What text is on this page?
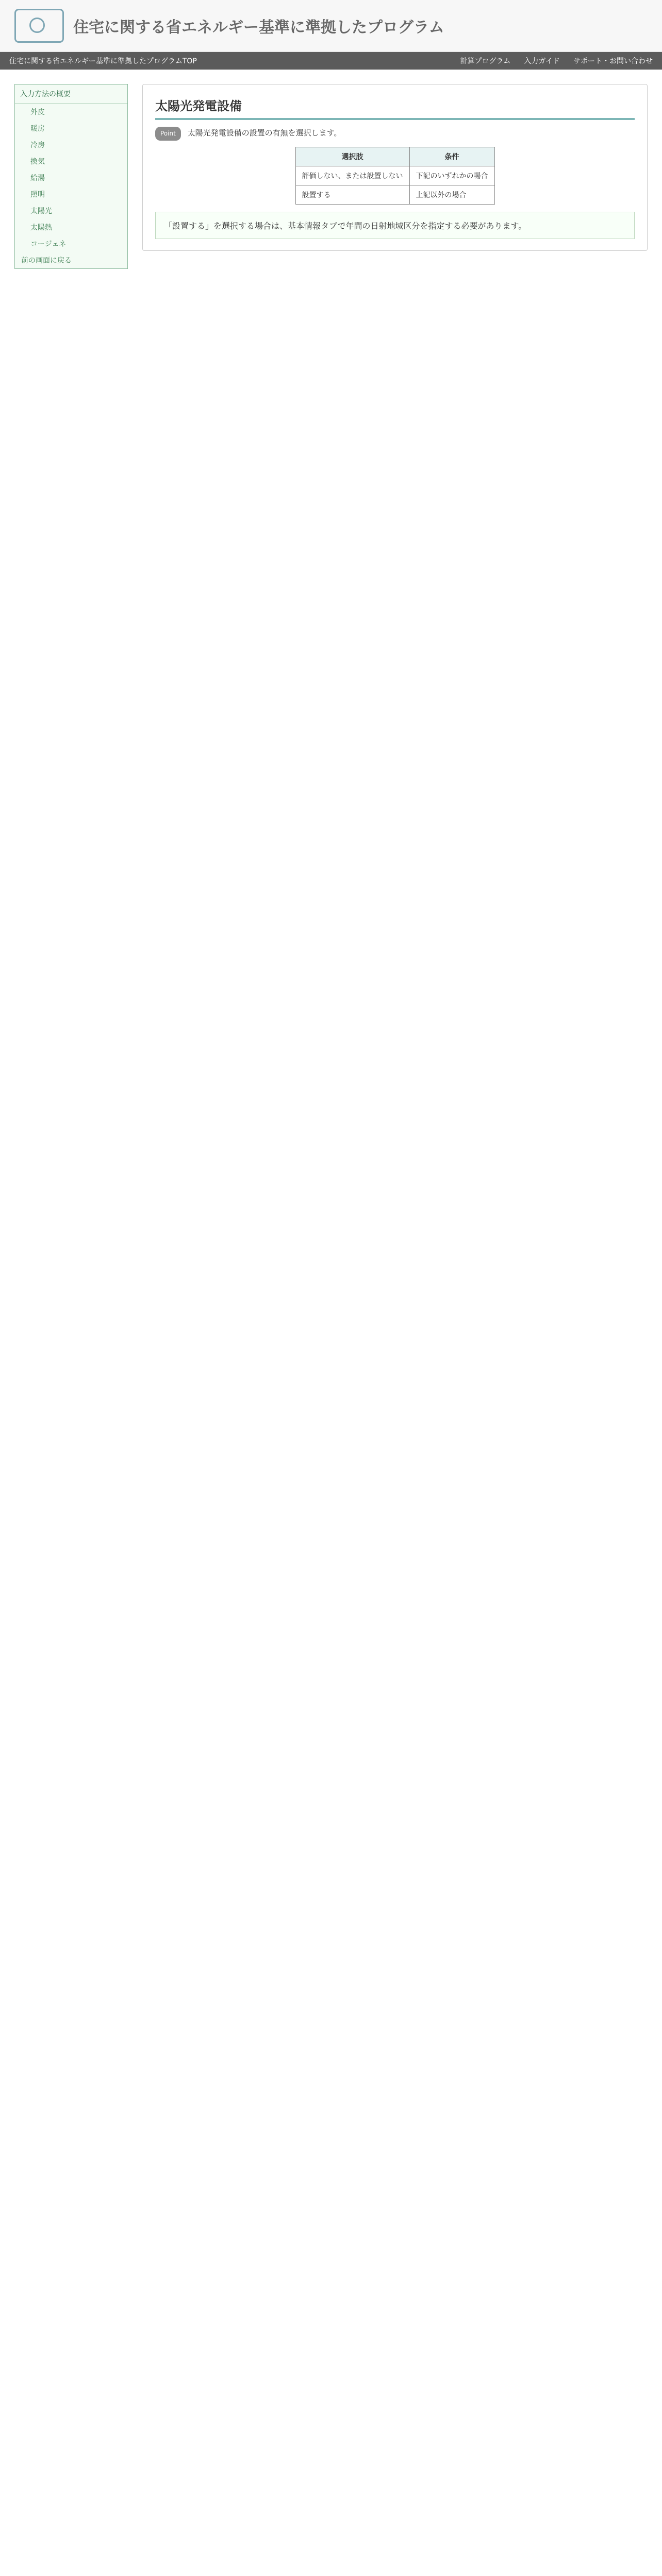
住宅に関する省エネルギー基準に準拠したプログラム
住宅に関する省エネルギー基準に準拠したプログラムTOP	計算プログラム 入力ガイド サポート・お問い合わせ
入力方法の概要
外皮
暖房
冷房
換気
給湯
照明
太陽光
太陽熱
コージェネ
前の画面に戻る
太陽光発電設備
Point 太陽光発電設備の設置の有無を選択します。
選択肢	条件
評価しない、または設置しない	下記のいずれかの場合
設置する	上記以外の場合
「設置する」を選択する場合は、基本情報タブで年間の日射地域区分を指定する必要があります。
